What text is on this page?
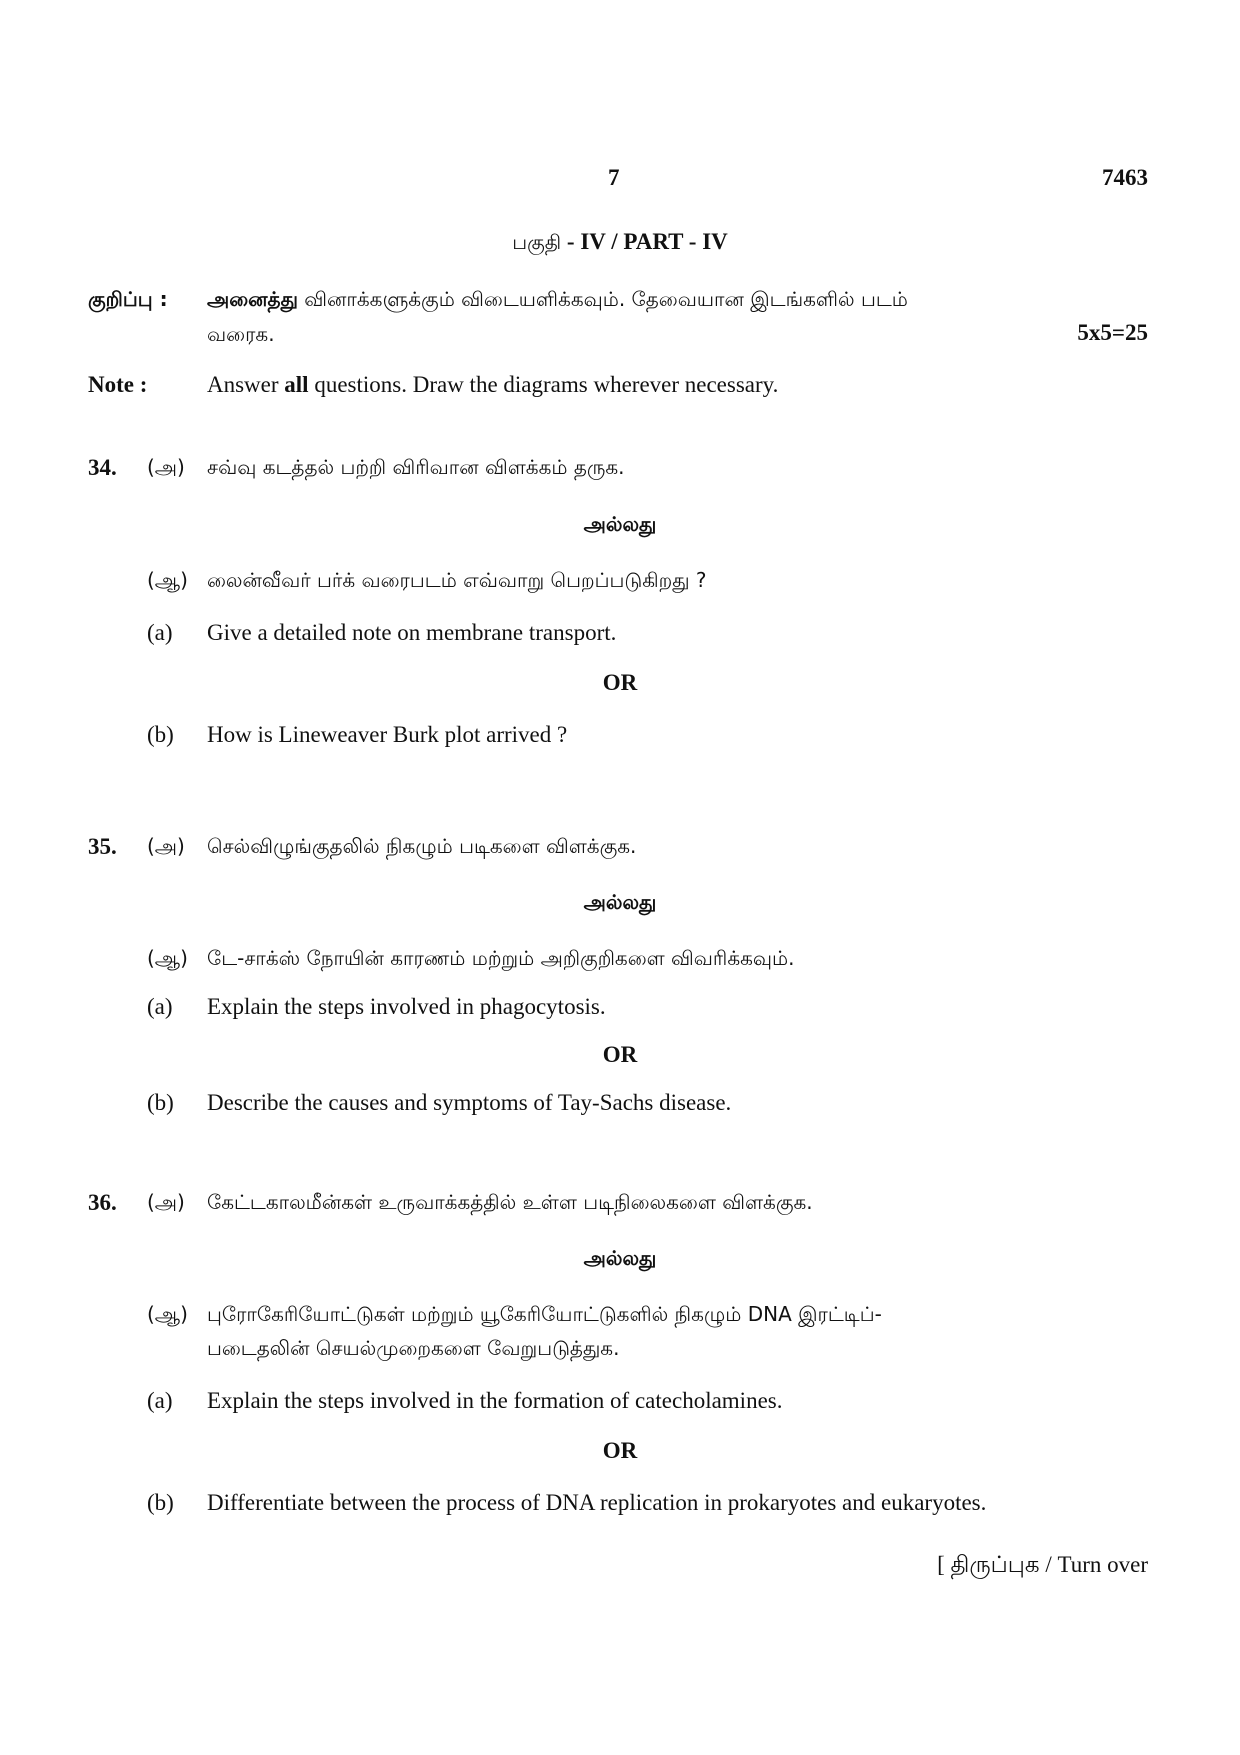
7	7463
பகுதி - IV / PART - IV
குறிப்பு : அனைத்து வினாக்களுக்கும் விடையளிக்கவும். தேவையான இடங்களில் படம்
வரைக.	5x5=25
Note :	Answer all questions. Draw the diagrams wherever necessary.
34. (அ) சவ்வு கடத்தல் பற்றி விரிவான விளக்கம் தருக.
அல்லது
(ஆ) லைன்வீவர் பர்க் வரைபடம் எவ்வாறு பெறப்படுகிறது ?
(a) Give a detailed note on membrane transport.
OR
(b) How is Lineweaver Burk plot arrived ?
35. (அ) செல்விழுங்குதலில் நிகழும் படிகளை விளக்குக.
அல்லது
(ஆ) டே-சாக்ஸ் நோயின் காரணம் மற்றும் அறிகுறிகளை விவரிக்கவும்.
(a) Explain the steps involved in phagocytosis.
OR
(b) Describe the causes and symptoms of Tay-Sachs disease.
36. (அ) கேட்டகாலமீன்கள் உருவாக்கத்தில் உள்ள படிநிலைகளை விளக்குக.
அல்லது
(ஆ) புரோகேரியோட்டுகள் மற்றும் யூகேரியோட்டுகளில் நிகழும் DNA இரட்டிப்-
படைதலின் செயல்முறைகளை வேறுபடுத்துக.
(a) Explain the steps involved in the formation of catecholamines.
OR
(b) Differentiate between the process of DNA replication in prokaryotes and eukaryotes.
[ திருப்புக / Turn over
